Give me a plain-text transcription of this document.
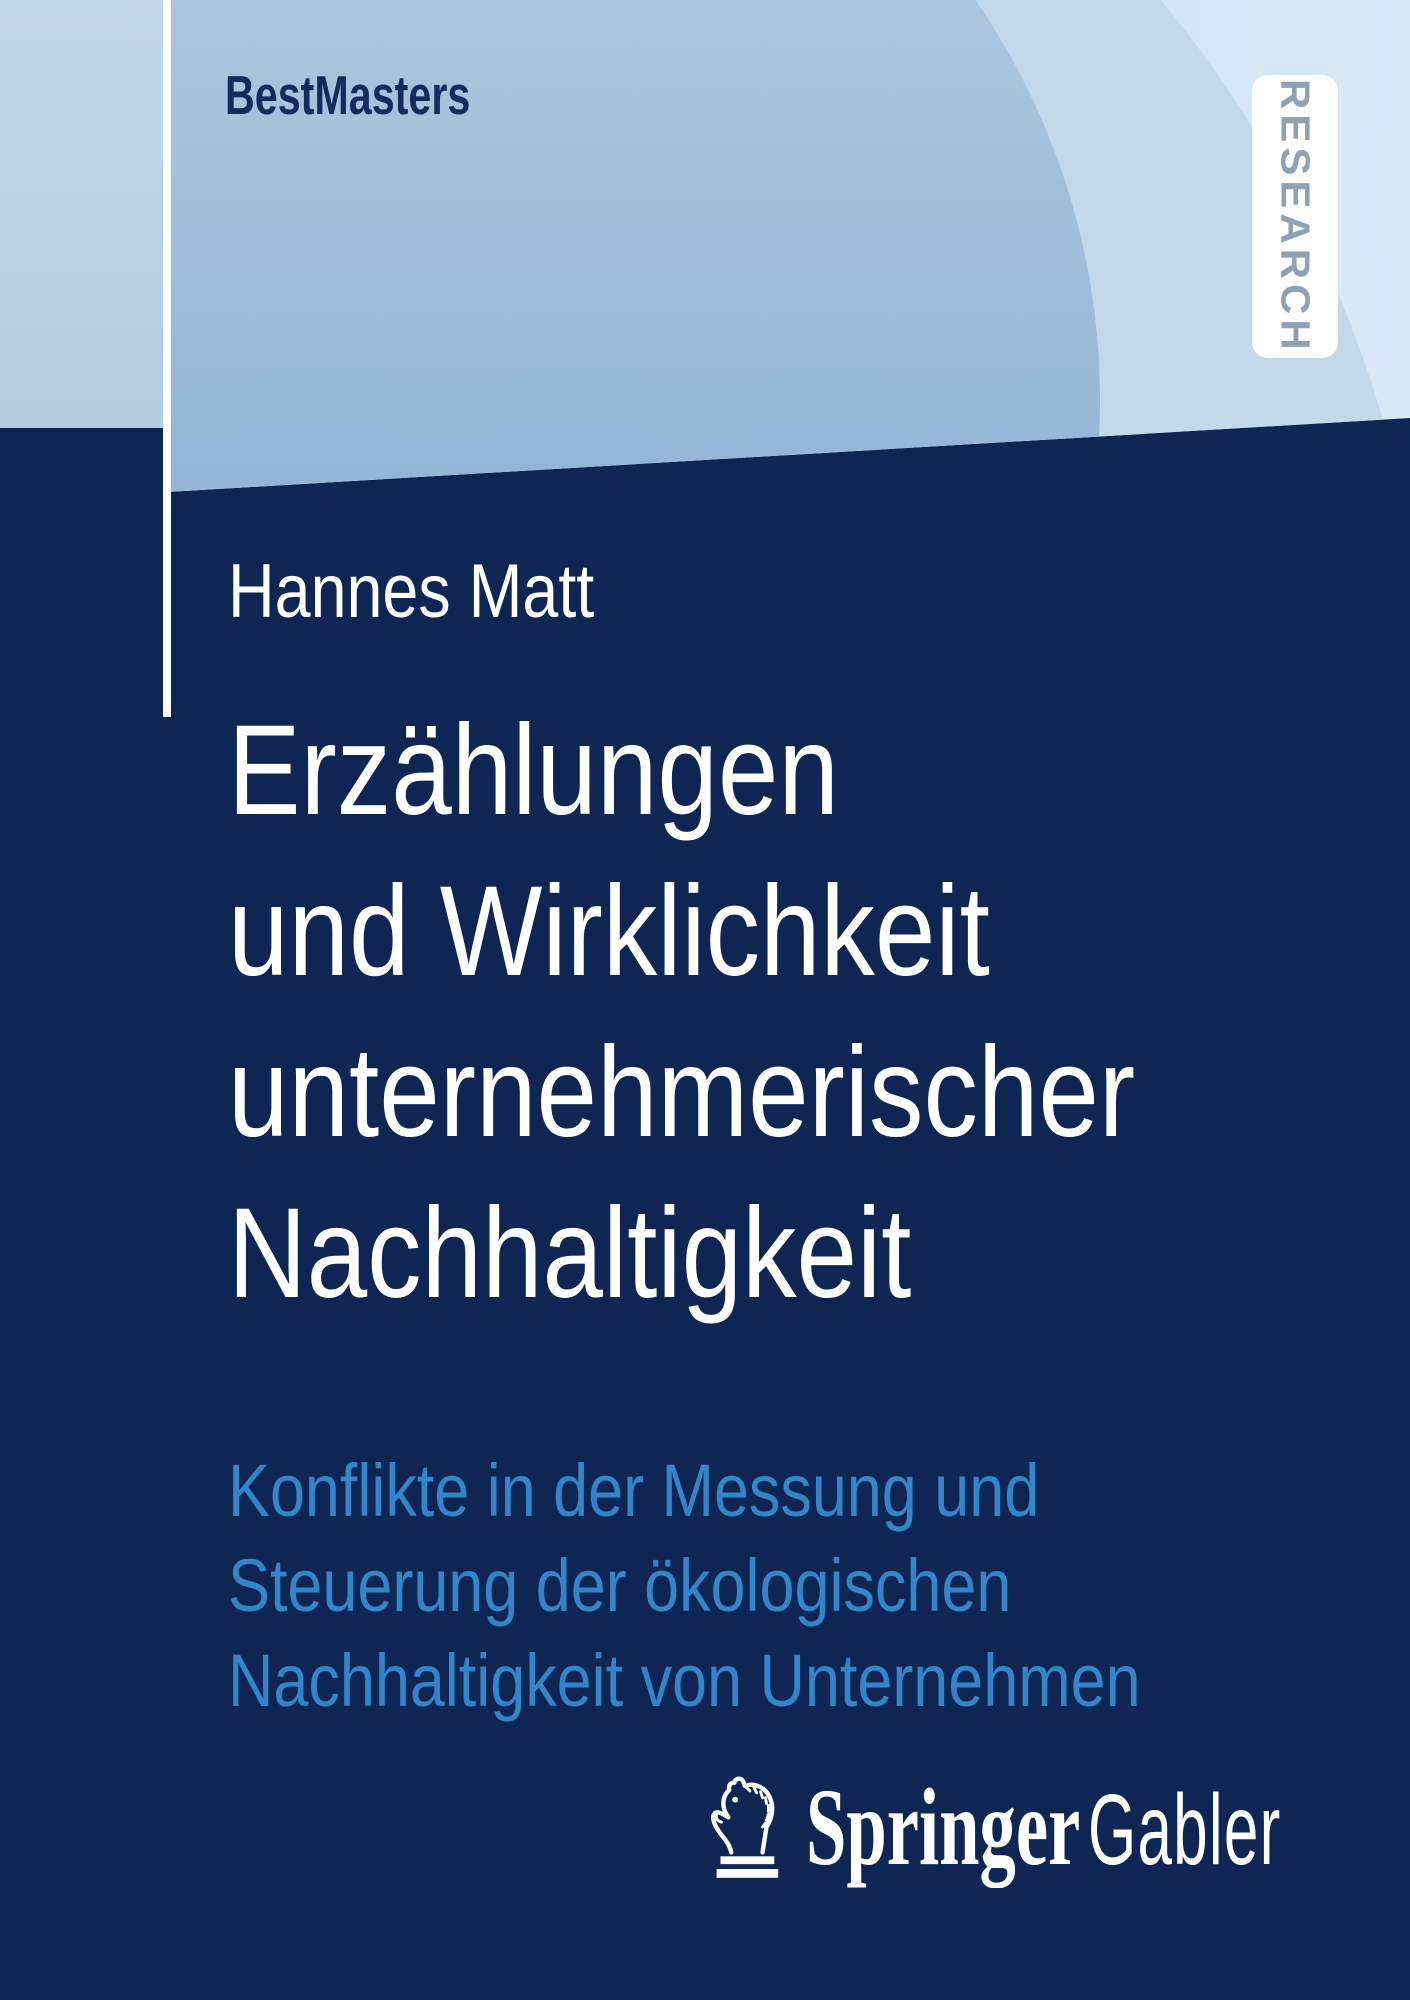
BestMasters	RESEARCH
Hannes Matt
Erzählungen
und Wirklichkeit
unternehmerischer
Nachhaltigkeit
Konflikte in der Messung und
Steuerung der ökologischen
Nachhaltigkeit von Unternehmen
Springer Gabler
